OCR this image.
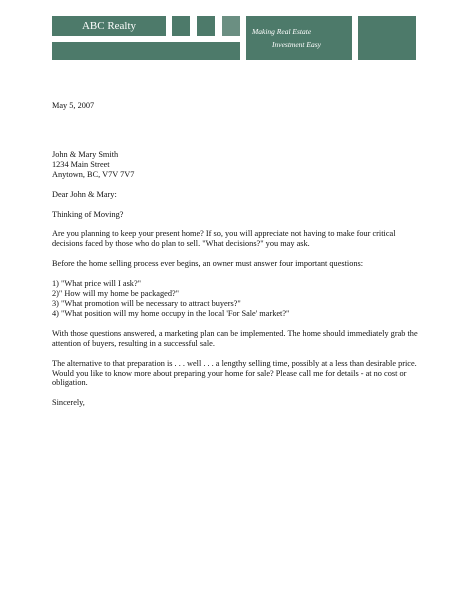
ABC Realty	Making Real Estate
Investment Easy

May 5, 2007

John & Mary Smith

1234 Main Street

Anytown, BC, V7V 7V7

Dear John & Mary:

Thinking of Moving?

Are you planning to keep your present home? If so, you will appreciate not having to make four critical decisions faced by those who do plan to sell. "What decisions?" you may ask.

Before the home selling process ever begins, an owner must answer four important questions:

1) "What price will I ask?"

2)" How will my home be packaged?"

3) "What promotion will be necessary to attract buyers?"

4) "What position will my home occupy in the local 'For Sale' market?"

With those questions answered, a marketing plan can be implemented. The home should immediately grab the attention of buyers, resulting in a successful sale.

The alternative to that preparation is . . . well . . . a lengthy selling time, possibly at a less than desirable price. Would you like to know more about preparing your home for sale? Please call me for details - at no cost or obligation.

Sincerely,
